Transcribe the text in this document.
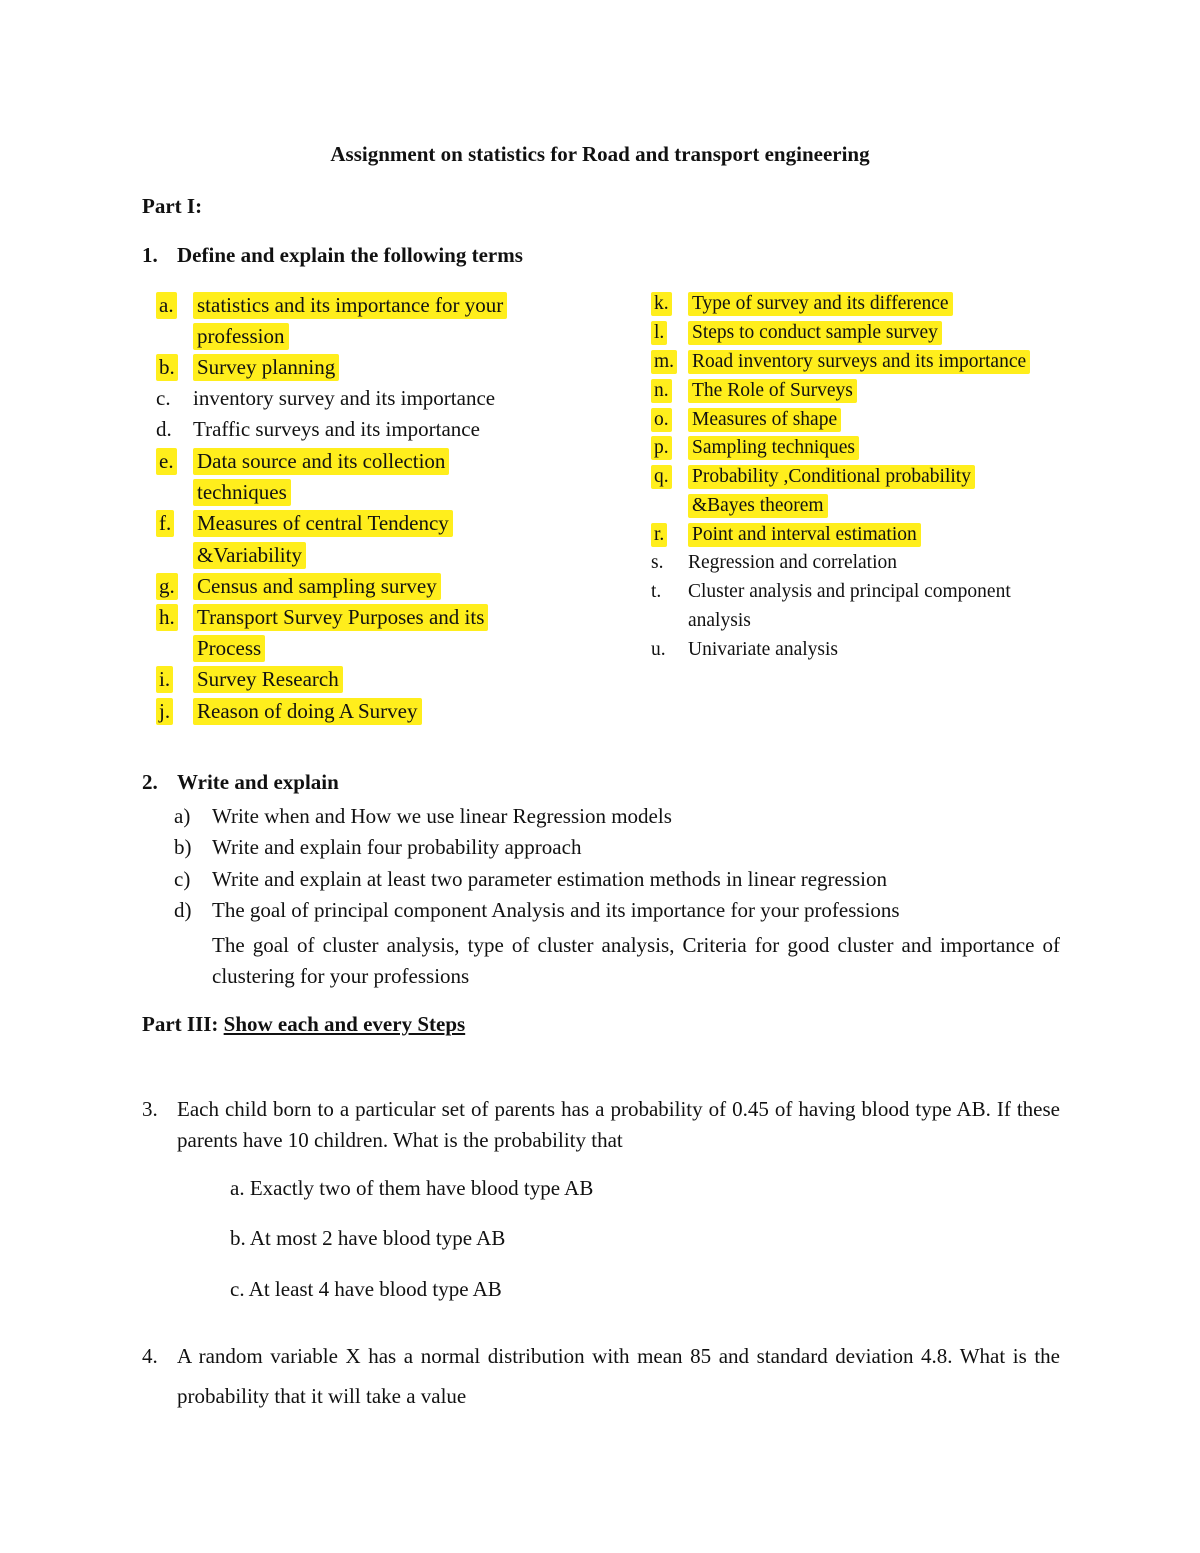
Assignment on statistics for Road and transport engineering
Part I:
1. Define and explain the following terms
a. statistics and its importance for your
profession
b. Survey planning
c. inventory survey and its importance
d. Traffic surveys and its importance
e. Data source and its collection
techniques
f. Measures of central Tendency
&Variability
g. Census and sampling survey
h. Transport Survey Purposes and its
Process
i. Survey Research
j. Reason of doing A Survey
k. Type of survey and its difference
l. Steps to conduct sample survey
m. Road inventory surveys and its importance
n. The Role of Surveys
o. Measures of shape
p. Sampling techniques
q. Probability ,Conditional probability
&Bayes theorem
r. Point and interval estimation
s. Regression and correlation
t. Cluster analysis and principal component
analysis
u. Univariate analysis
2. Write and explain
a) Write when and How we use linear Regression models
b) Write and explain four probability approach
c) Write and explain at least two parameter estimation methods in linear regression
d) The goal of principal component Analysis and its importance for your professions
The goal of cluster analysis, type of cluster analysis, Criteria for good cluster and importance of clustering for your professions
Part III: Show each and every Steps
3. Each child born to a particular set of parents has a probability of 0.45 of having blood type AB. If these parents have 10 children. What is the probability that
a. Exactly two of them have blood type AB
b. At most 2 have blood type AB
c. At least 4 have blood type AB
4. A random variable X has a normal distribution with mean 85 and standard deviation 4.8. What is the probability that it will take a value
